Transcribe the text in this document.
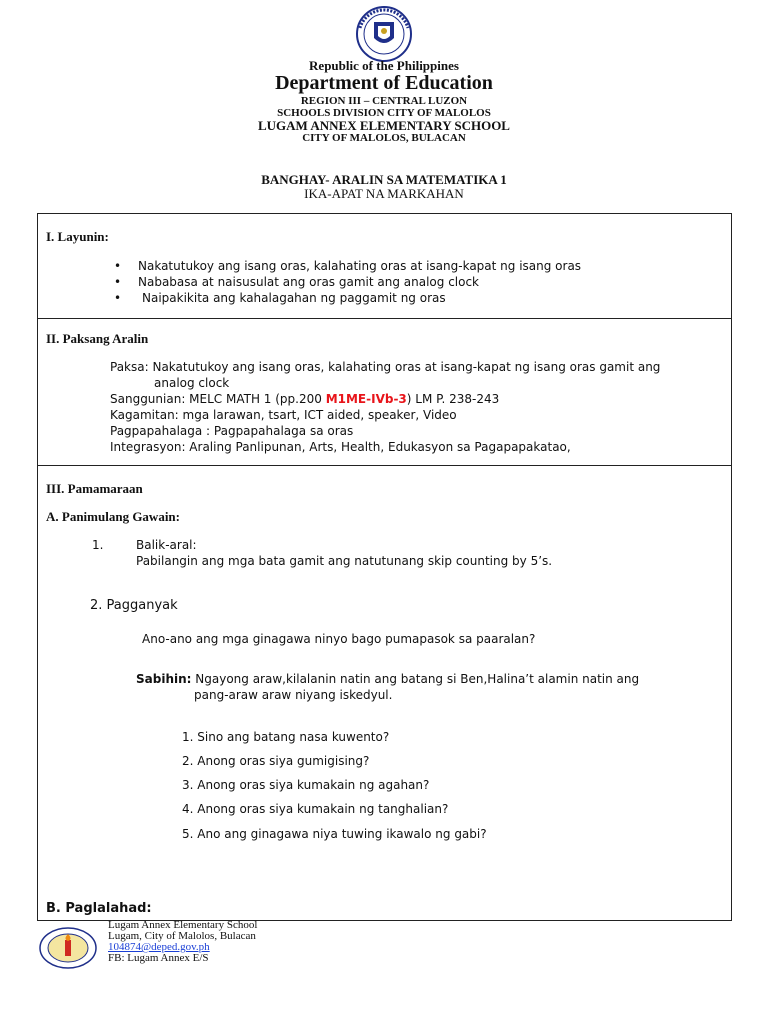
Republic of the Philippines
Department of Education
REGION III – CENTRAL LUZON
SCHOOLS DIVISION CITY OF MALOLOS
LUGAM ANNEX ELEMENTARY SCHOOL
CITY OF MALOLOS, BULACAN
BANGHAY- ARALIN SA MATEMATIKA 1
IKA-APAT NA MARKAHAN
I. Layunin:
• Nakatutukoy ang isang oras, kalahating oras at isang-kapat ng isang oras
• Nababasa at naisusulat ang oras gamit ang analog clock
• Naipakikita ang kahalagahan ng paggamit ng oras
II. Paksang Aralin
Paksa: Nakatutukoy ang isang oras, kalahating oras at isang-kapat ng isang oras gamit ang
analog clock
Sanggunian: MELC MATH 1 (pp.200 M1ME-IVb-3) LM P. 238-243
Kagamitan: mga larawan, tsart, ICT aided, speaker, Video
Pagpapahalaga : Pagpapahalaga sa oras
Integrasyon: Araling Panlipunan, Arts, Health, Edukasyon sa Pagapapakatao,
III. Pamamaraan
A. Panimulang Gawain:
1.	Balik-aral:
Pabilangin ang mga bata gamit ang natutunang skip counting by 5’s.
2. Pagganyak
Ano-ano ang mga ginagawa ninyo bago pumapasok sa paaralan?
Sabihin: Ngayong araw,kilalanin natin ang batang si Ben,Halina’t alamin natin ang
pang-araw araw niyang iskedyul.
1. Sino ang batang nasa kuwento?
2. Anong oras siya gumigising?
3. Anong oras siya kumakain ng agahan?
4. Anong oras siya kumakain ng tanghalian?
5. Ano ang ginagawa niya tuwing ikawalo ng gabi?
B. Paglalahad:
Lugam Annex Elementary School
Lugam, City of Malolos, Bulacan
104874@deped.gov.ph
FB: Lugam Annex E/S
